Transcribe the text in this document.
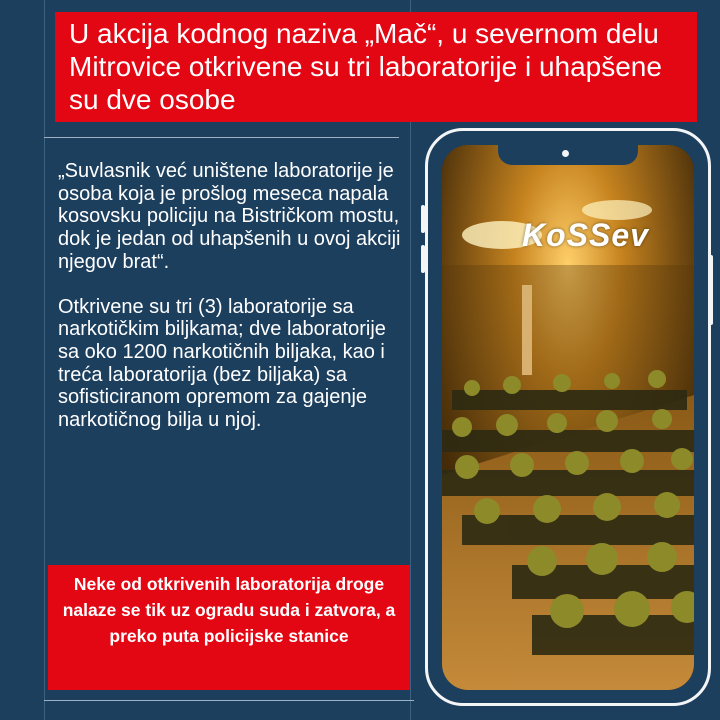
U akcija kodnog naziva „Mač“, u severnom delu Mitrovice otkrivene su tri laboratorije i uhapšene su dve osobe

„Suvlasnik već uništene laboratorije je osoba koja je prošlog meseca napala kosovsku policiju na Bistričkom mostu, dok je jedan od uhapšenih u ovoj akciji njegov brat“.

Otkrivene su tri (3) laboratorije sa narkotičkim biljkama; dve laboratorije sa oko 1200 narkotičnih biljaka, kao i treća laboratorija (bez biljaka) sa sofisticiranom opremom za gajenje narkotičnog bilja u njoj.

Neke od otkrivenih laboratorija droge nalaze se tik uz ogradu suda i zatvora, a preko puta policijske stanice
KoSSev
